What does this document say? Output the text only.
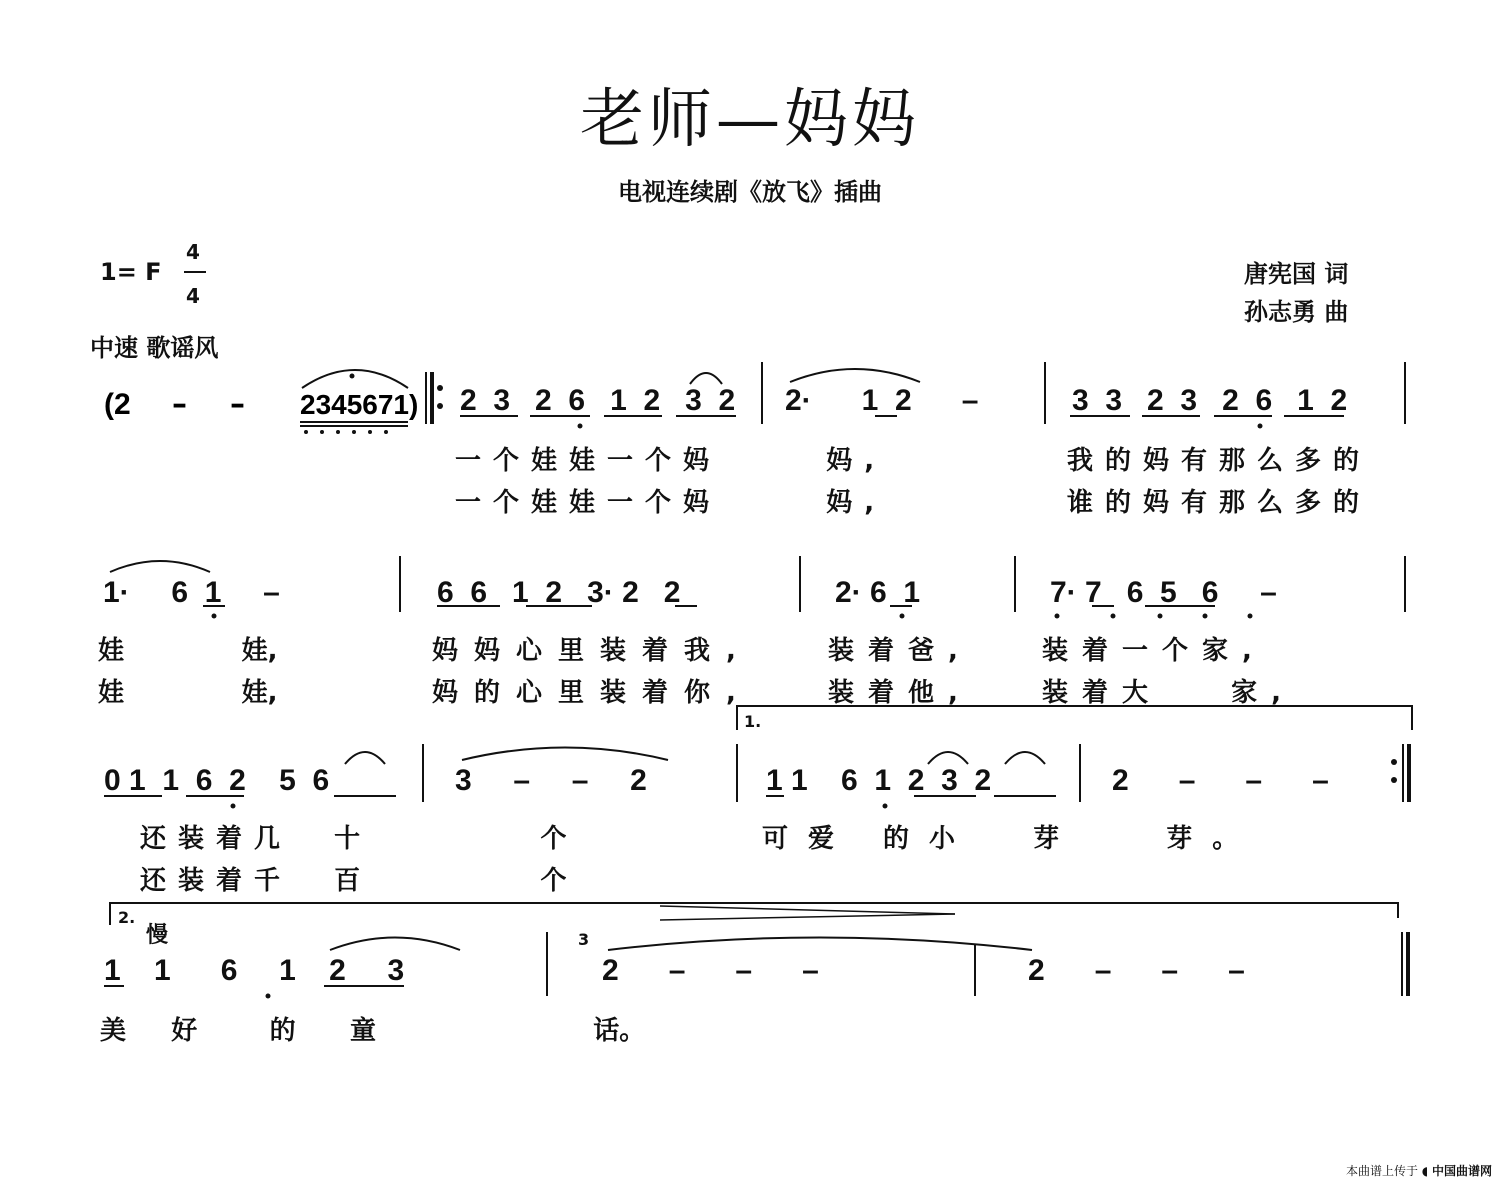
老师—妈妈
电视连续剧《放飞》插曲
1= F
4
4
中速 歌谣风
唐宪国 词
孙志勇 曲
(2 – – 2345671) 2  3   2  6   1  2   3  2 2·      1  2      –	3  3   2  3   2  6   1  2
一个娃娃一个妈     妈,	我的妈有那么多的
一个娃娃一个妈     妈,	谁的妈有那么多的
1·     6  1     –	6  6   1  2   3· 2   2	2· 6  1	7· 7   6  5   6     –
娃             娃,	妈妈心里装着我,	装着爸,	装着一个家,
娃             娃,	妈的心里装着你,	装着他,	装着大   家,
1.
0 1  1  6  2    5  6	3     –     –     2	1 1    6  1  2  3  2	2      –      –      –
还装着几  十        个	可爱 的小  芽   芽。
还装着千  百        个
2.
慢	3
1    1      6     1    2     3	2      –      –      –	2      –      –      –
美     好        的      童                        话。
本曲谱上传于 ◖ 中国曲谱网
